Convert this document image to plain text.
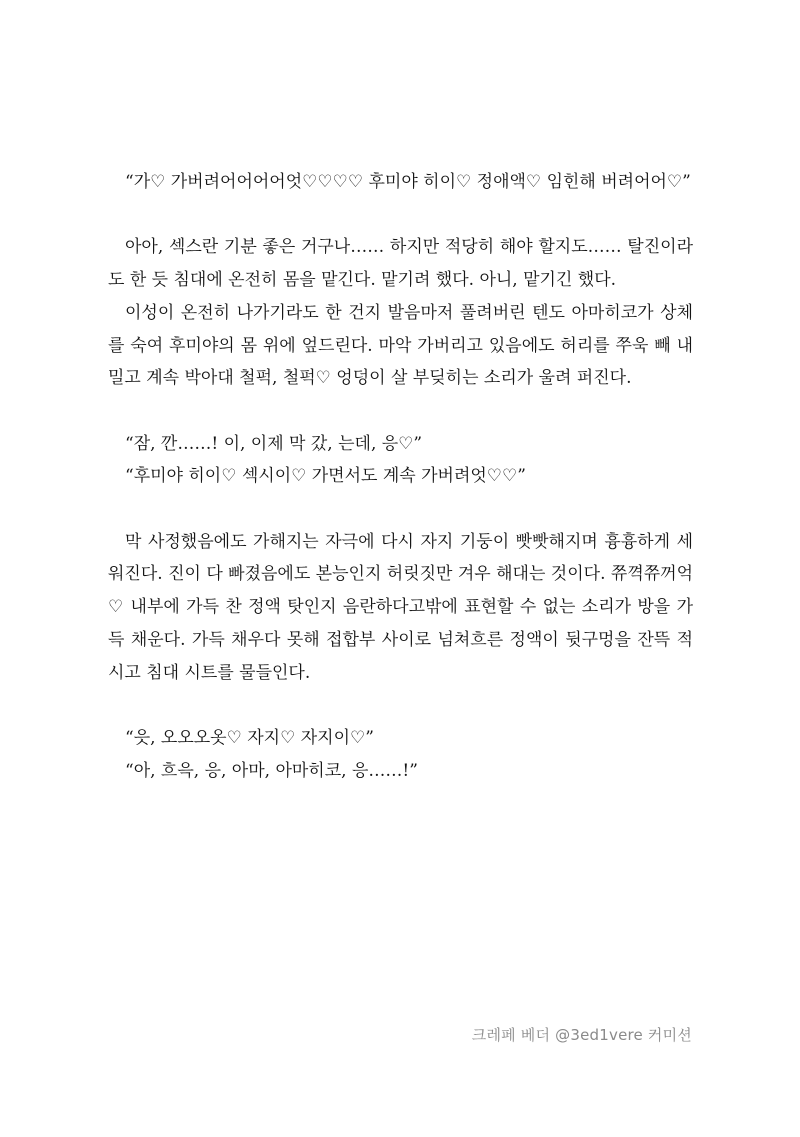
“가♡ 가버려어어어어엇♡♡♡♡ 후미야 히이♡ 정애액♡ 임힌해 버려어어♡”

아아, 섹스란 기분 좋은 거구나…… 하지만 적당히 해야 할지도…… 탈진이라도 한 듯 침대에 온전히 몸을 맡긴다. 맡기려 했다. 아니, 맡기긴 했다.

이성이 온전히 나가기라도 한 건지 발음마저 풀려버린 텐도 아마히코가 상체를 숙여 후미야의 몸 위에 엎드린다. 마악 가버리고 있음에도 허리를 쭈욱 빼 내밀고 계속 박아대 철퍽, 철퍽♡ 엉덩이 살 부딪히는 소리가 울려 퍼진다.

“잠, 깐……! 이, 이제 막 갔, 는데, 응♡”

“후미야 히이♡ 섹시이♡ 가면서도 계속 가버려엇♡♡”

막 사정했음에도 가해지는 자극에 다시 자지 기둥이 빳빳해지며 흉흉하게 세워진다. 진이 다 빠졌음에도 본능인지 허릿짓만 겨우 해대는 것이다. 쮸껵쮸꺼억♡ 내부에 가득 찬 정액 탓인지 음란하다고밖에 표현할 수 없는 소리가 방을 가득 채운다. 가득 채우다 못해 접합부 사이로 넘쳐흐른 정액이 뒷구멍을 잔뜩 적시고 침대 시트를 물들인다.

“읏, 오오오옷♡ 자지♡ 자지이♡”

“아, 흐윽, 응, 아마, 아마히코, 응……!”

크레페 베더 @3ed1vere 커미션
